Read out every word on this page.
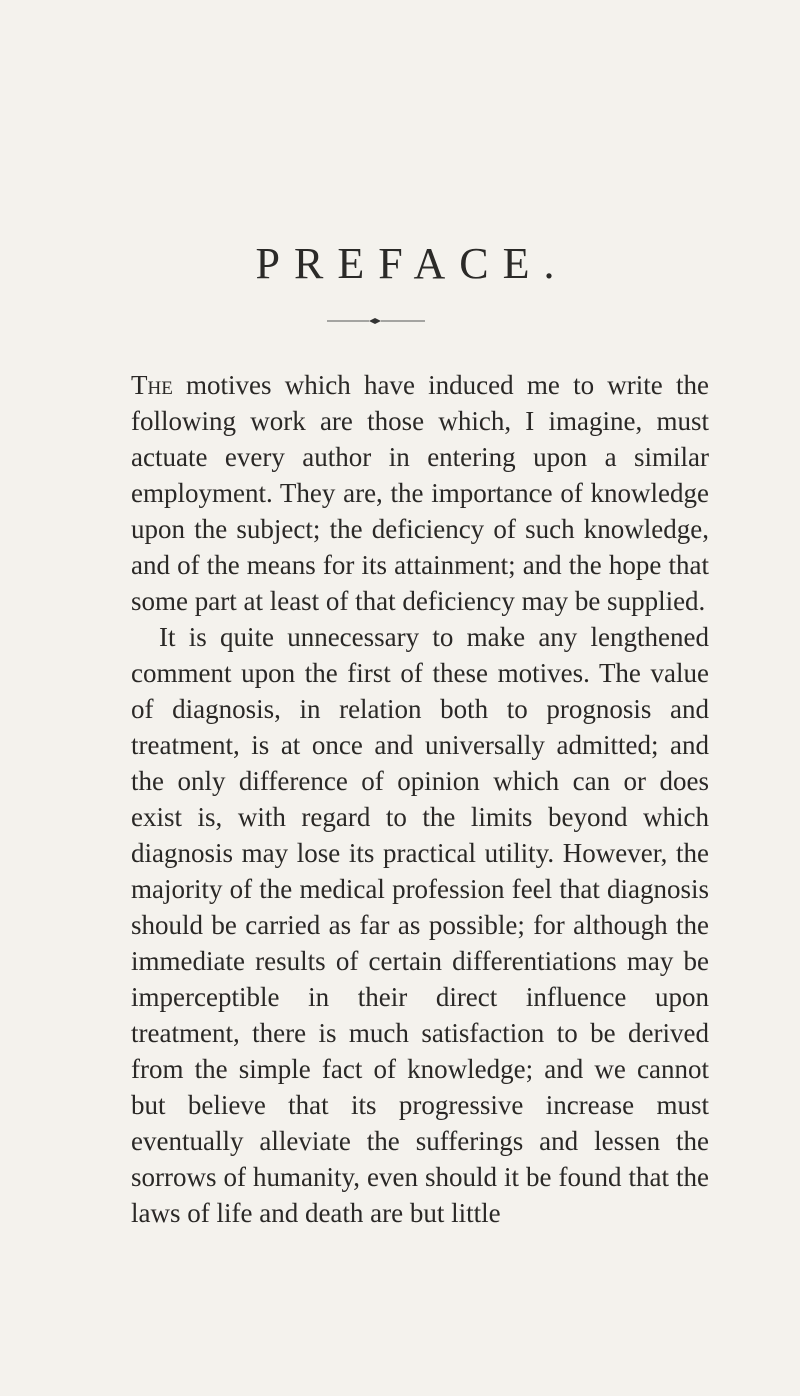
PREFACE.

The motives which have induced me to write the following work are those which, I imagine, must actuate every author in entering upon a similar employment. They are, the importance of knowledge upon the subject; the deficiency of such knowledge, and of the means for its attainment; and the hope that some part at least of that deficiency may be supplied.

It is quite unnecessary to make any lengthened comment upon the first of these motives. The value of diagnosis, in relation both to prognosis and treatment, is at once and universally admitted; and the only difference of opinion which can or does exist is, with regard to the limits beyond which diagnosis may lose its practical utility. However, the majority of the medical profession feel that diagnosis should be carried as far as possible; for although the immediate results of certain differentiations may be imperceptible in their direct influence upon treatment, there is much satisfaction to be derived from the simple fact of knowledge; and we cannot but believe that its progressive increase must eventually alleviate the sufferings and lessen the sorrows of humanity, even should it be found that the laws of life and death are but little
